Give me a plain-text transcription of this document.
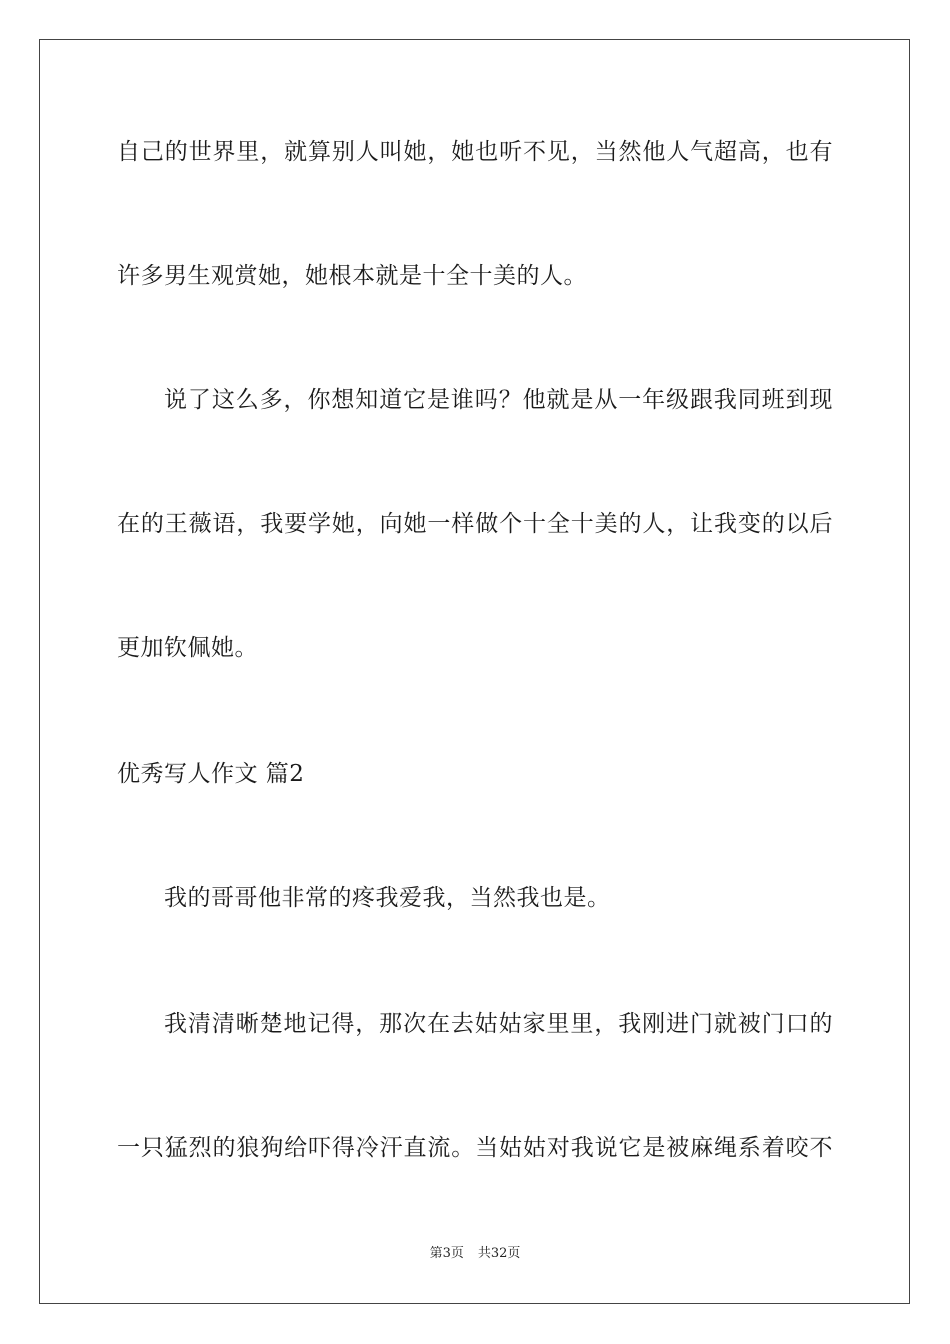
自己的世界里，就算别人叫她，她也听不见，当然他人气超高，也有
许多男生观赏她，她根本就是十全十美的人。
说了这么多，你想知道它是谁吗？他就是从一年级跟我同班到现
在的王薇语，我要学她，向她一样做个十全十美的人，让我变的以后
更加钦佩她。
优秀写人作文 篇2
我的哥哥他非常的疼我爱我，当然我也是。
我清清晰楚地记得，那次在去姑姑家里里，我刚进门就被门口的
一只猛烈的狼狗给吓得冷汗直流。当姑姑对我说它是被麻绳系着咬不
第3页 共32页
